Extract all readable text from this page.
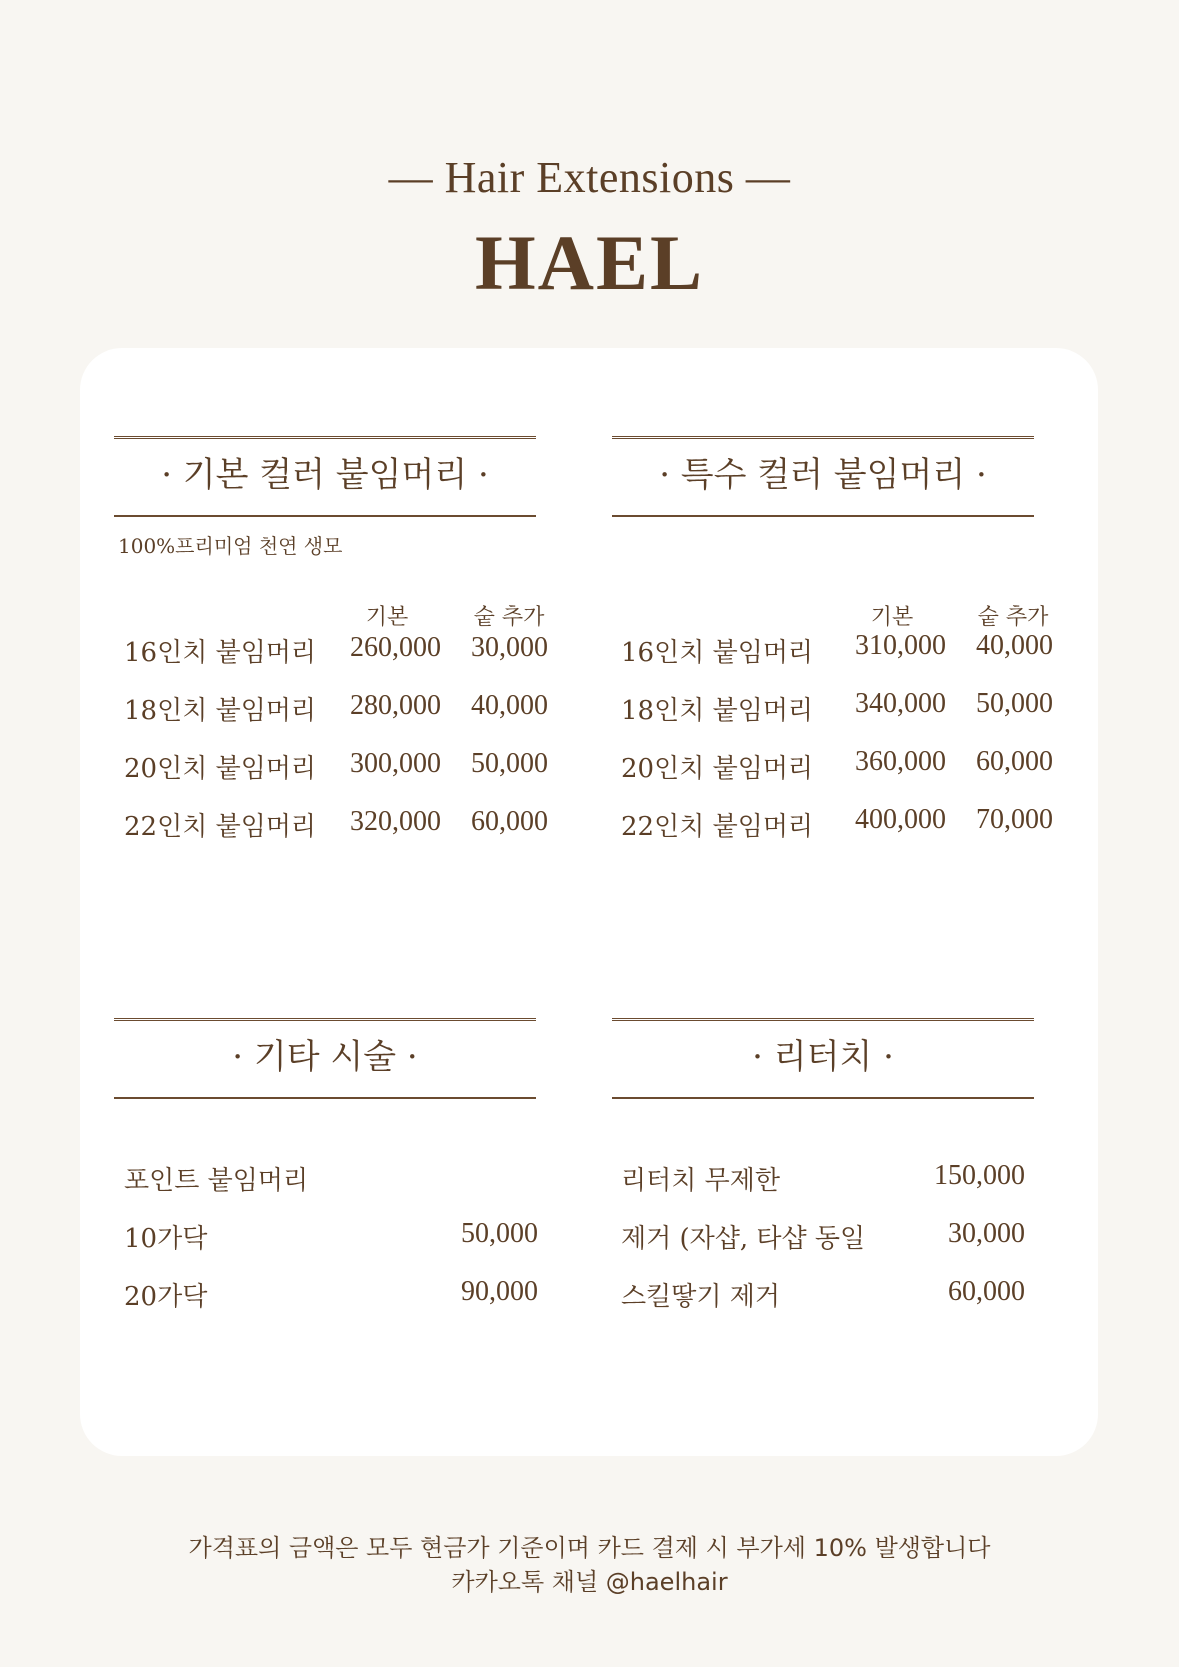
— Hair Extensions —
HAEL
· 기본 컬러 붙임머리 ·
100%프리미엄 천연 생모
기본	숱 추가
16인치 붙임머리 260,000 30,000
18인치 붙임머리 280,000 40,000
20인치 붙임머리 300,000 50,000
22인치 붙임머리 320,000 60,000
· 특수 컬러 붙임머리 ·
기본	숱 추가
16인치 붙임머리 310,000 40,000
18인치 붙임머리 340,000 50,000
20인치 붙임머리 360,000 60,000
22인치 붙임머리 400,000 70,000
· 기타 시술 ·
포인트 붙임머리
10가닥	50,000
20가닥	90,000
· 리터치 ·
리터치 무제한	150,000
제거 (자샵, 타샵 동일	30,000
스킬땋기 제거	60,000
가격표의 금액은 모두 현금가 기준이며 카드 결제 시 부가세 10% 발생합니다
카카오톡 채널 @haelhair
